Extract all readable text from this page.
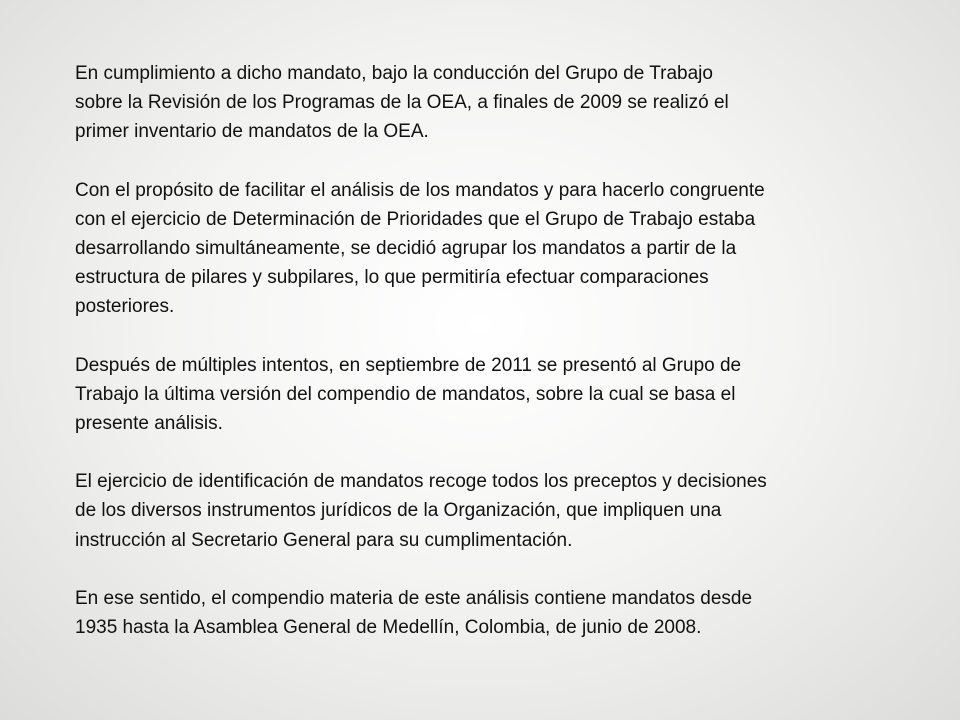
En cumplimiento a dicho mandato, bajo la conducción del Grupo de Trabajo
sobre la Revisión de los Programas de la OEA, a finales de 2009 se realizó el
primer inventario de mandatos de la OEA.

Con el propósito de facilitar el análisis de los mandatos y para hacerlo congruente
con el ejercicio de Determinación de Prioridades que el Grupo de Trabajo estaba
desarrollando simultáneamente, se decidió agrupar los mandatos a partir de la
estructura de pilares y subpilares, lo que permitiría efectuar comparaciones
posteriores.

Después de múltiples intentos, en septiembre de 2011 se presentó al Grupo de
Trabajo la última versión del compendio de mandatos, sobre la cual se basa el
presente análisis.

El ejercicio de identificación de mandatos recoge todos los preceptos y decisiones
de los diversos instrumentos jurídicos de la Organización, que impliquen una
instrucción al Secretario General para su cumplimentación.

En ese sentido, el compendio materia de este análisis contiene mandatos desde
1935 hasta la Asamblea General de Medellín, Colombia, de junio de 2008.
